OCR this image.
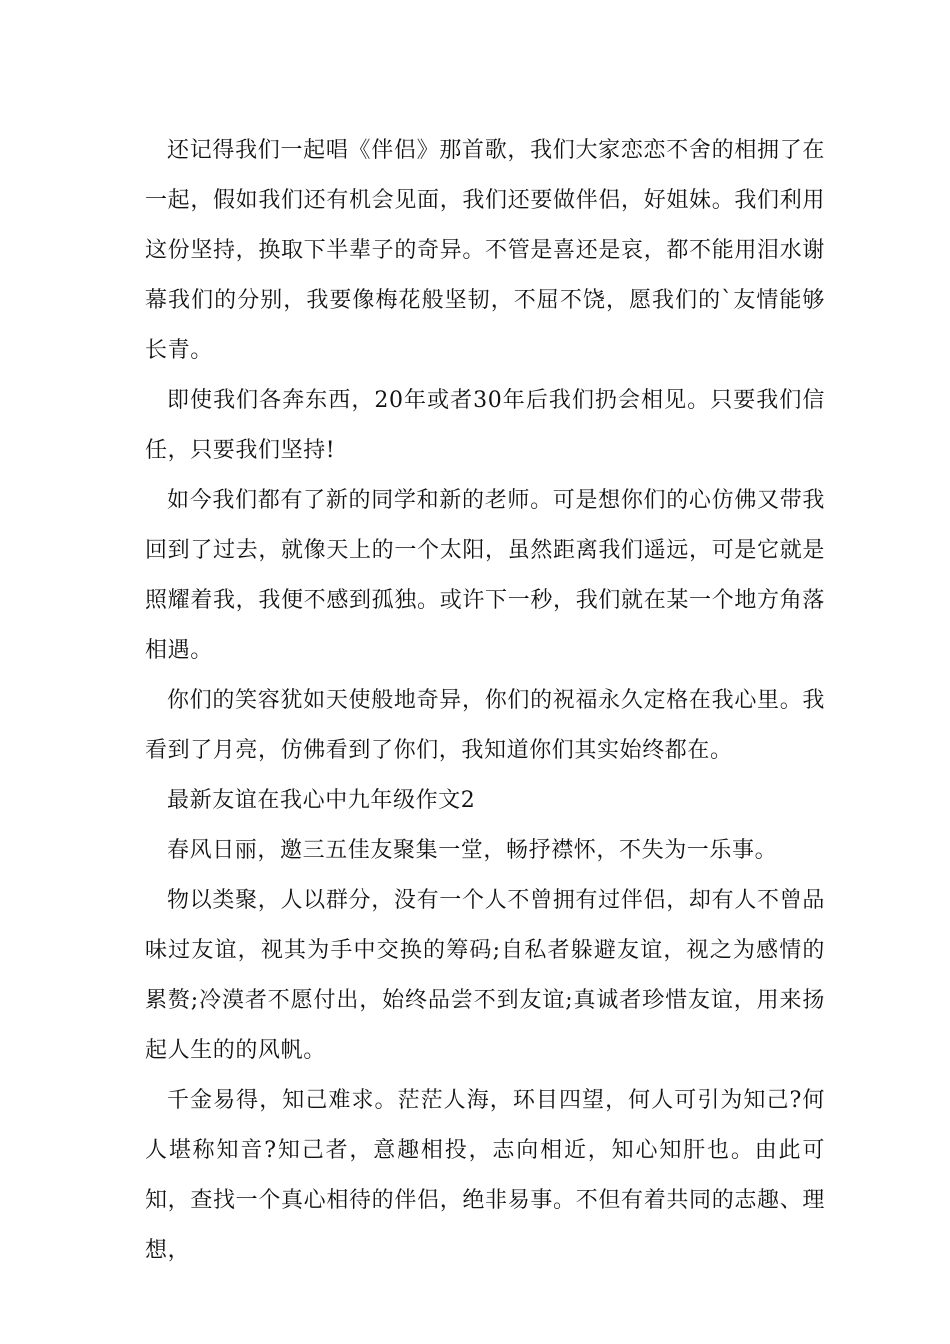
还记得我们一起唱《伴侣》那首歌，我们大家恋恋不舍的相拥了在一起，假如我们还有机会见面，我们还要做伴侣，好姐妹。我们利用这份坚持，换取下半辈子的奇异。不管是喜还是哀，都不能用泪水谢幕我们的分别，我要像梅花般坚韧，不屈不饶，愿我们的`友情能够长青。

即使我们各奔东西，20年或者30年后我们扔会相见。只要我们信任，只要我们坚持!

如今我们都有了新的同学和新的老师。可是想你们的心仿佛又带我回到了过去，就像天上的一个太阳，虽然距离我们遥远，可是它就是照耀着我，我便不感到孤独。或许下一秒，我们就在某一个地方角落相遇。

你们的笑容犹如天使般地奇异，你们的祝福永久定格在我心里。我看到了月亮，仿佛看到了你们，我知道你们其实始终都在。

最新友谊在我心中九年级作文2

春风日丽，邀三五佳友聚集一堂，畅抒襟怀，不失为一乐事。

物以类聚，人以群分，没有一个人不曾拥有过伴侣，却有人不曾品味过友谊，视其为手中交换的筹码;自私者躲避友谊，视之为感情的累赘;冷漠者不愿付出，始终品尝不到友谊;真诚者珍惜友谊，用来扬起人生的的风帆。

千金易得，知己难求。茫茫人海，环目四望，何人可引为知己?何人堪称知音?知己者，意趣相投，志向相近，知心知肝也。由此可知，查找一个真心相待的伴侣，绝非易事。不但有着共同的志趣、理想，
